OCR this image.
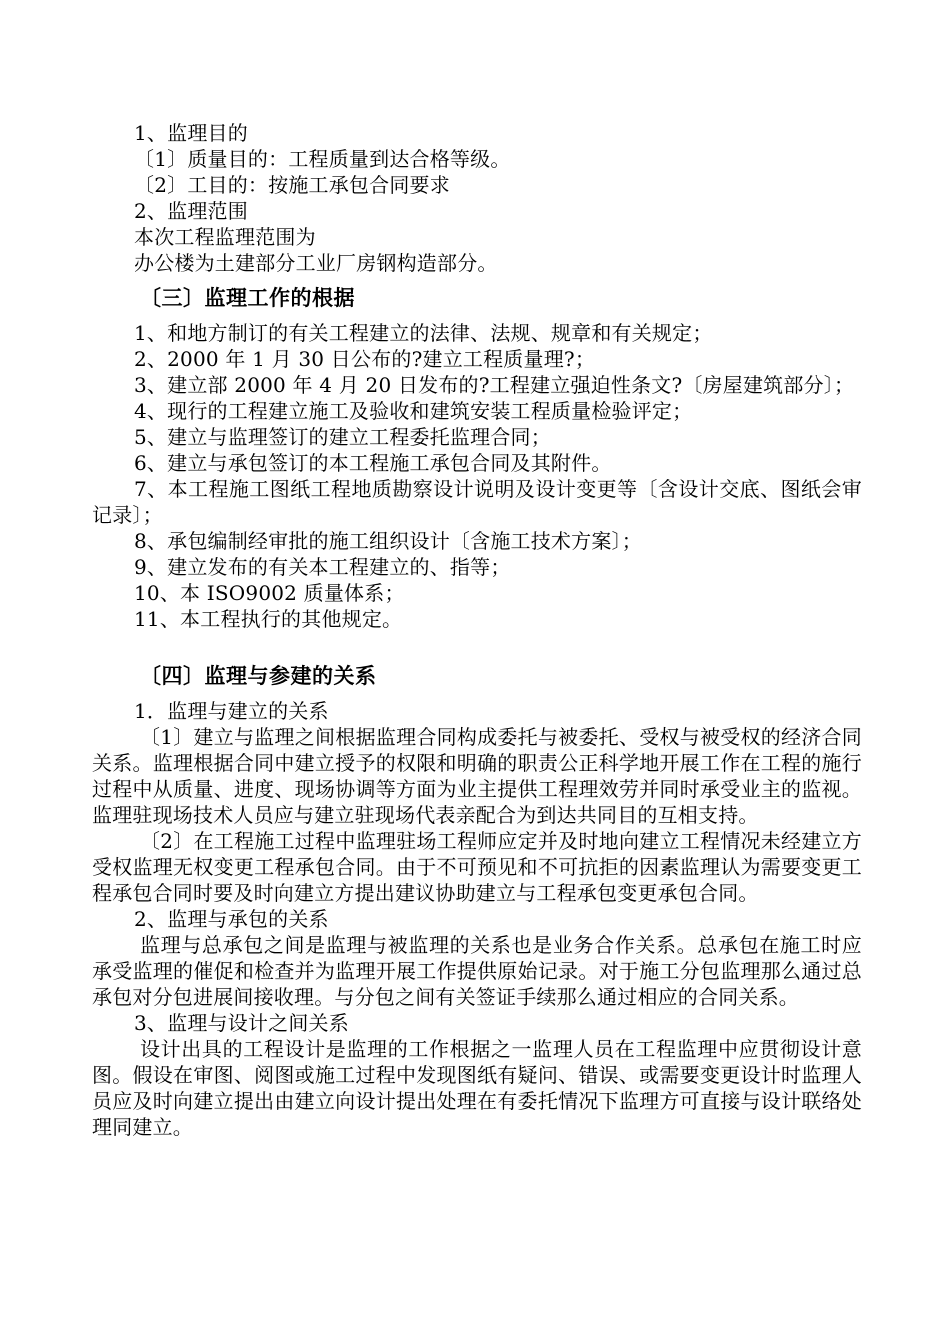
1、监理目的

〔1〕质量目的：工程质量到达合格等级。

〔2〕工目的：按施工承包合同要求

2、监理范围

本次工程监理范围为

办公楼为土建部分工业厂房钢构造部分。

〔三〕监理工作的根据

1、和地方制订的有关工程建立的法律、法规、规章和有关规定；

2、2000 年 1 月 30 日公布的?建立工程质量理?；

3、建立部 2000 年 4 月 20 日发布的?工程建立强迫性条文?〔房屋建筑部分〕；

4、现行的工程建立施工及验收和建筑安装工程质量检验评定；

5、建立与监理签订的建立工程委托监理合同；

6、建立与承包签订的本工程施工承包合同及其附件。

7、本工程施工图纸工程地质勘察设计说明及设计变更等〔含设计交底、图纸会审记录〕；

8、承包编制经审批的施工组织设计〔含施工技术方案〕；

9、建立发布的有关本工程建立的、指等；

10、本 ISO9002 质量体系；

11、本工程执行的其他规定。

〔四〕监理与参建的关系

1．监理与建立的关系

〔1〕建立与监理之间根据监理合同构成委托与被委托、受权与被受权的经济合同关系。监理根据合同中建立授予的权限和明确的职责公正科学地开展工作在工程的施行过程中从质量、进度、现场协调等方面为业主提供工程理效劳并同时承受业主的监视。监理驻现场技术人员应与建立驻现场代表亲配合为到达共同目的互相支持。

〔2〕在工程施工过程中监理驻场工程师应定并及时地向建立工程情况未经建立方受权监理无权变更工程承包合同。由于不可预见和不可抗拒的因素监理认为需要变更工程承包合同时要及时向建立方提出建议协助建立与工程承包变更承包合同。

2、监理与承包的关系

监理与总承包之间是监理与被监理的关系也是业务合作关系。总承包在施工时应承受监理的催促和检查并为监理开展工作提供原始记录。对于施工分包监理那么通过总承包对分包进展间接收理。与分包之间有关签证手续那么通过相应的合同关系。

3、监理与设计之间关系

设计出具的工程设计是监理的工作根据之一监理人员在工程监理中应贯彻设计意图。假设在审图、阅图或施工过程中发现图纸有疑问、错误、或需要变更设计时监理人员应及时向建立提出由建立向设计提出处理在有委托情况下监理方可直接与设计联络处理同建立。
